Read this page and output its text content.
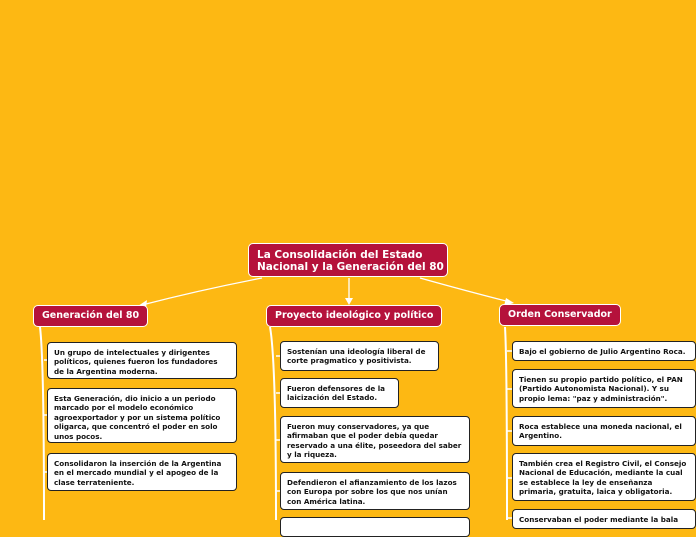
La Consolidación del Estado Nacional y la Generación del 80
Generación del 80
Un grupo de intelectuales y dirigentes políticos, quienes fueron los fundadores de la Argentina moderna.
Esta Generación, dio inicio a un periodo marcado por el modelo económico agroexportador y por un sistema político oligarca, que concentró el poder en solo unos pocos.
Consolidaron la inserción de la Argentina en el mercado mundial y el apogeo de la clase terrateniente.
Proyecto ideológico y político
Sostenían una ideología liberal de corte pragmatico y positivista.
Fueron defensores de la laicización del Estado.
Fueron muy conservadores, ya que afirmaban que el poder debía quedar reservado a una élite, poseedora del saber y la riqueza.
Defendieron el afianzamiento de los lazos con Europa por sobre los que nos unían con América latina.
Orden Conservador
Bajo el gobierno de Julio Argentino Roca.
Tienen su propio partido político, el PAN (Partido Autonomista Nacional). Y su propio lema: "paz y administración".
Roca establece una moneda nacional, el Argentino.
También crea el Registro Civil, el Consejo Nacional de Educación, mediante la cual se establece la ley de enseñanza primaria, gratuita, laica y obligatoria.
Conservaban el poder mediante la bala
